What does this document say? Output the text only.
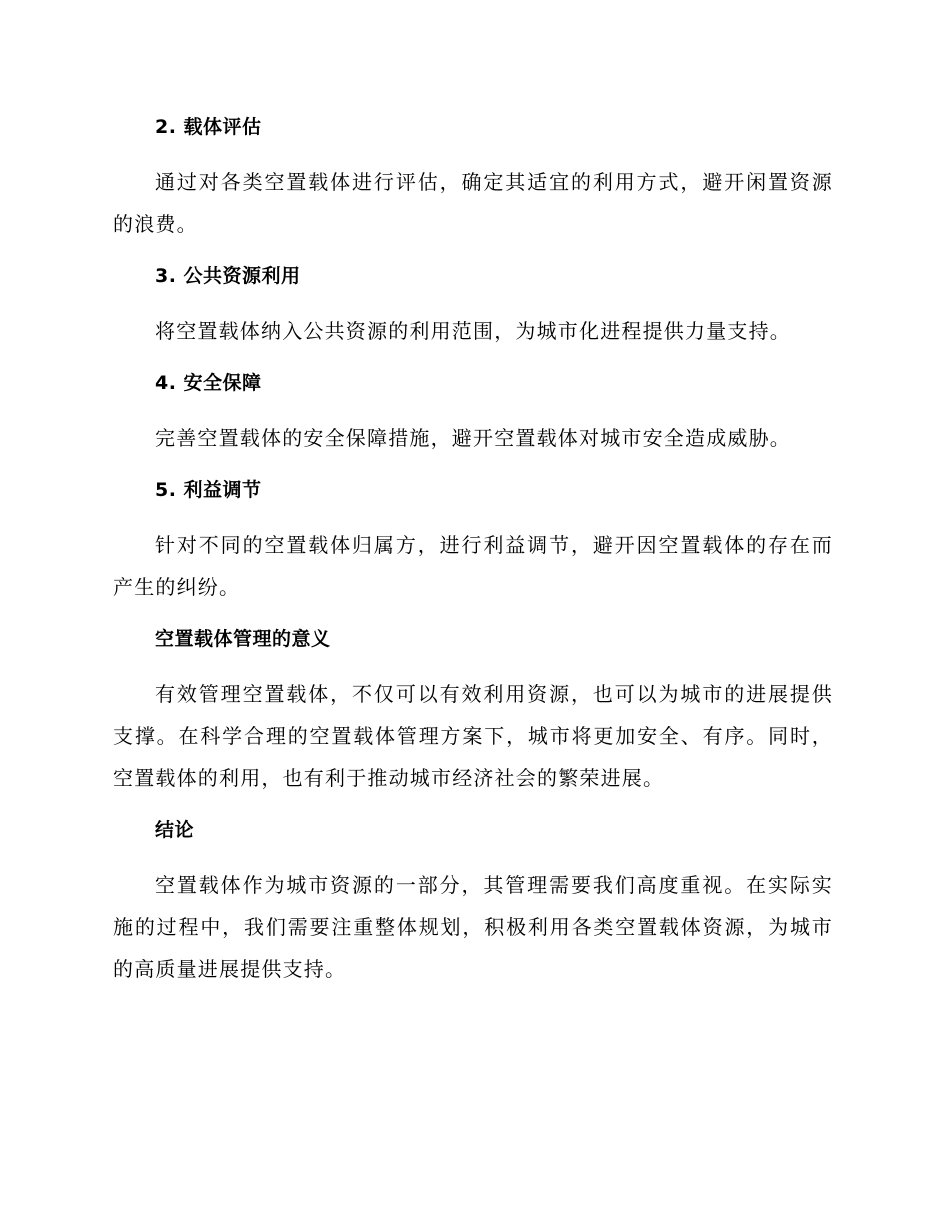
2. 载体评估

通过对各类空置载体进行评估，确定其适宜的利用方式，避开闲置资源的浪费。

3. 公共资源利用

将空置载体纳入公共资源的利用范围，为城市化进程提供力量支持。

4. 安全保障

完善空置载体的安全保障措施，避开空置载体对城市安全造成威胁。

5. 利益调节

针对不同的空置载体归属方，进行利益调节，避开因空置载体的存在而产生的纠纷。

空置载体管理的意义

有效管理空置载体，不仅可以有效利用资源，也可以为城市的进展提供支撑。在科学合理的空置载体管理方案下，城市将更加安全、有序。同时，空置载体的利用，也有利于推动城市经济社会的繁荣进展。

结论

空置载体作为城市资源的一部分，其管理需要我们高度重视。在实际实施的过程中，我们需要注重整体规划，积极利用各类空置载体资源，为城市的高质量进展提供支持。
